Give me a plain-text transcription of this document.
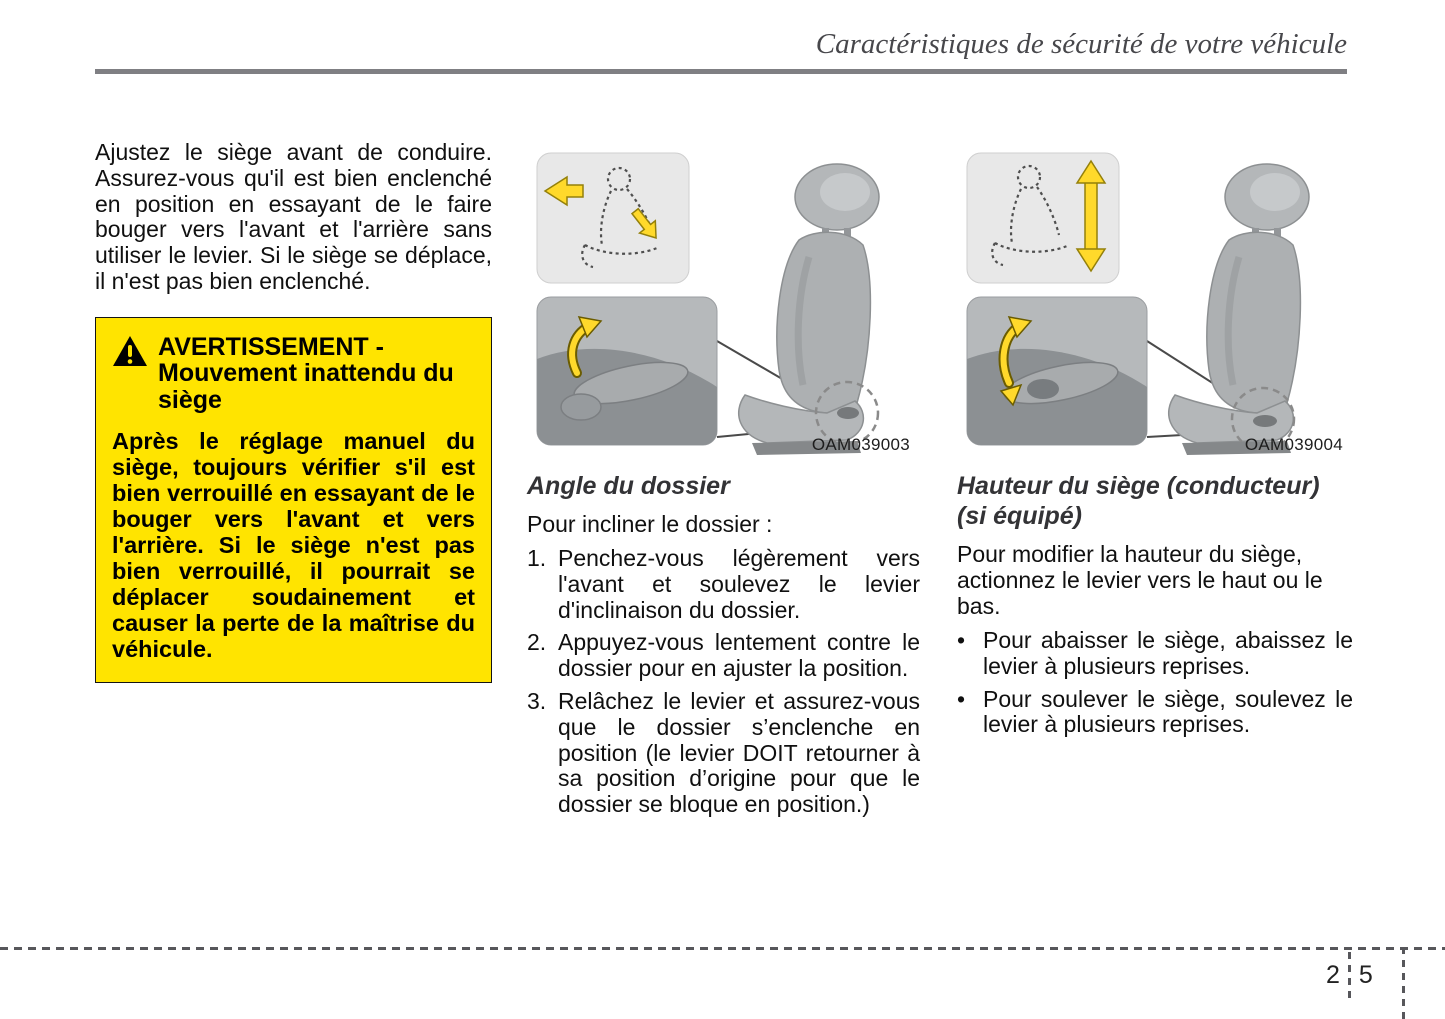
Caractéristiques de sécurité de votre véhicule

Ajustez le siège avant de conduire. Assurez-vous qu'il est bien enclenché en position en essayant de le faire bouger vers l'avant et l'arrière sans utiliser le levier. Si le siège se déplace, il n'est pas bien enclenché.

AVERTISSEMENT -
Mouvement inattendu du siège

Après le réglage manuel du siège, toujours vérifier s'il est bien verrouillé en essayant de le bouger vers l'avant et vers l'arrière. Si le siège n'est pas bien verrouillé, il pourrait se déplacer soudainement et causer la perte de la maîtrise du véhicule.

OAM039003
Angle du dossier

Pour incliner le dossier :

1. Penchez-vous légèrement vers l'avant et soulevez le levier d'inclinaison du dossier.
2. Appuyez-vous lentement contre le dossier pour en ajuster la position.
3. Relâchez le levier et assurez-vous que le dossier s’enclenche en position (le levier DOIT retourner à sa position d’origine pour que le dossier se bloque en position.)
OAM039004
Hauteur du siège (conducteur) (si équipé)

Pour modifier la hauteur du siège, actionnez le levier vers le haut ou le bas.

• Pour abaisser le siège, abaissez le levier à plusieurs reprises.
• Pour soulever le siège, soulevez le levier à plusieurs reprises.
2 5
